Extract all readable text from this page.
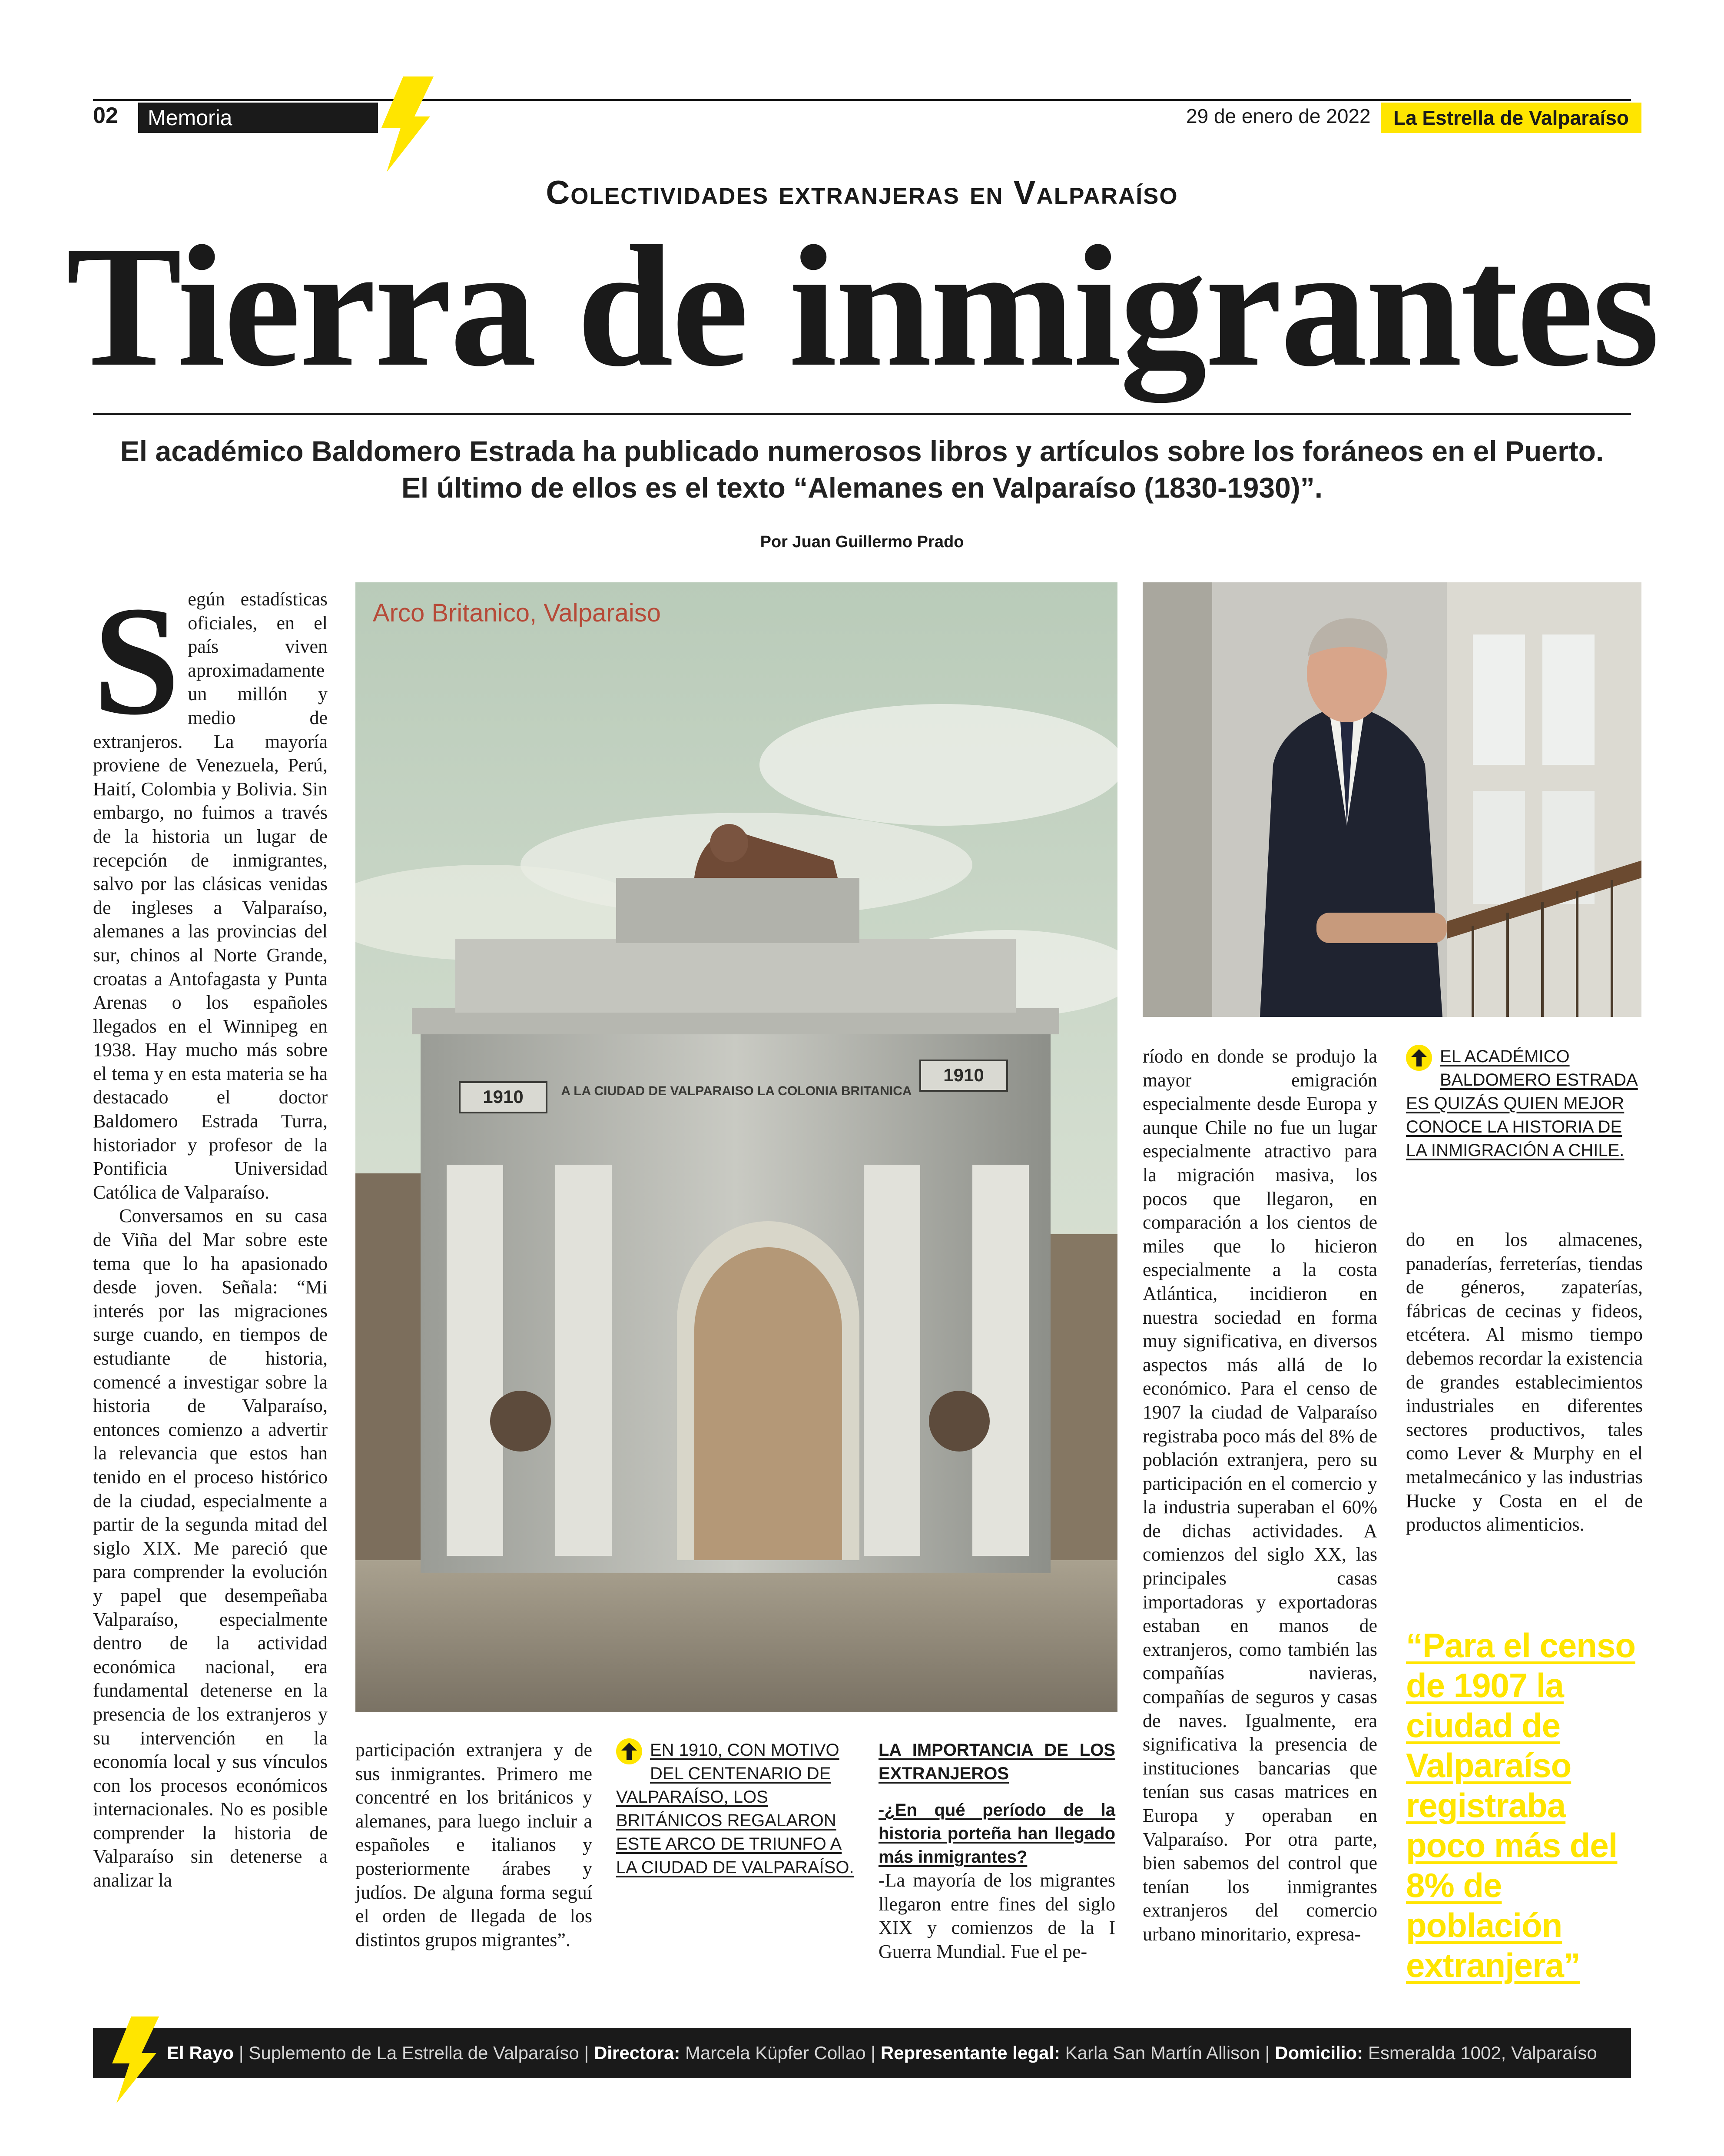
02	Memoria	29 de enero de 2022	La Estrella de Valparaíso
Colectividades extranjeras en Valparaíso
Tierra de inmigrantes
El académico Baldomero Estrada ha publicado numerosos libros y artículos sobre los foráneos en el Puerto.
El último de ellos es el texto “Alemanes en Valparaíso (1830-1930)”.
Por Juan Guillermo Prado
S egún estadísticas oficiales, en el país viven aproximadamente un millón y medio de extranjeros. La mayoría proviene de Venezuela, Perú, Haití, Colombia y Bolivia. Sin embargo, no fuimos a través de la historia un lugar de recepción de inmigrantes, salvo por las clásicas venidas de ingleses a Valparaíso, alemanes a las provincias del sur, chinos al Norte Grande, croatas a Antofagasta y Punta Arenas o los españoles llegados en el Winnipeg en 1938. Hay mucho más sobre el tema y en esta materia se ha destacado el doctor Baldomero Estrada Turra, historiador y profesor de la Pontificia Universidad Católica de Valparaíso.

Conversamos en su casa de Viña del Mar sobre este tema que lo ha apasionado desde joven. Señala: “Mi interés por las migraciones surge cuando, en tiempos de estudiante de historia, comencé a investigar sobre la historia de Valparaíso, entonces comienzo a advertir la relevancia que estos han tenido en el proceso histórico de la ciudad, especialmente a partir de la segunda mitad del siglo XIX. Me pareció que para comprender la evolución y papel que desempeñaba Valparaíso, especialmente dentro de la actividad económica nacional, era fundamental detenerse en la presencia de los extranjeros y su intervención en la economía local y sus vínculos con los procesos económicos internacionales. No es posible comprender la historia de Valparaíso sin detenerse a analizar la

1910
1910
A LA CIUDAD DE VALPARAISO LA COLONIA BRITANICA
Arco Britanico, Valparaiso

participación extranjera y de sus inmigrantes. Primero me concentré en los británicos y alemanes, para luego incluir a españoles e italianos y posteriormente árabes y judíos. De alguna forma seguí el orden de llegada de los distintos grupos migrantes”.

EN 1910, CON MOTIVO DEL CENTENARIO DE VALPARAÍSO, LOS BRITÁNICOS REGALARON ESTE ARCO DE TRIUNFO A LA CIUDAD DE VALPARAÍSO.
LA IMPORTANCIA DE LOS EXTRANJEROS
-¿En qué período de la historia porteña han llegado más inmigrantes?

-La mayoría de los migrantes llegaron entre fines del siglo XIX y comienzos de la I Guerra Mundial. Fue el pe-

ríodo en donde se produjo la mayor emigración especialmente desde Europa y aunque Chile no fue un lugar especialmente atractivo para la migración masiva, los pocos que llegaron, en comparación a los cientos de miles que lo hicieron especialmente a la costa Atlántica, incidieron en nuestra sociedad en forma muy significativa, en diversos aspectos más allá de lo económico. Para el censo de 1907 la ciudad de Valparaíso registraba poco más del 8% de población extranjera, pero su participación en el comercio y la industria superaban el 60% de dichas actividades. A comienzos del siglo XX, las principales casas importadoras y exportadoras estaban en manos de extranjeros, como también las compañías navieras, compañías de seguros y casas de naves. Igualmente, era significativa la presencia de instituciones bancarias que tenían sus casas matrices en Europa y operaban en Valparaíso. Por otra parte, bien sabemos del control que tenían los inmigrantes extranjeros del comercio urbano minoritario, expresa-

EL ACADÉMICO BALDOMERO ESTRADA ES QUIZÁS QUIEN MEJOR CONOCE LA HISTORIA DE LA INMIGRACIÓN A CHILE.

do en los almacenes, panaderías, ferreterías, tiendas de géneros, zapaterías, fábricas de cecinas y fideos, etcétera. Al mismo tiempo debemos recordar la existencia de grandes establecimientos industriales en diferentes sectores productivos, tales como Lever & Murphy en el metalmecánico y las industrias Hucke y Costa en el de productos alimenticios.

“Para el censo de 1907 la ciudad de Valparaíso registraba poco más del 8% de población extranjera”
El Rayo | Suplemento de La Estrella de Valparaíso | Directora: Marcela Küpfer Collao | Representante legal: Karla San Martín Allison | Domicilio: Esmeralda 1002, Valparaíso
